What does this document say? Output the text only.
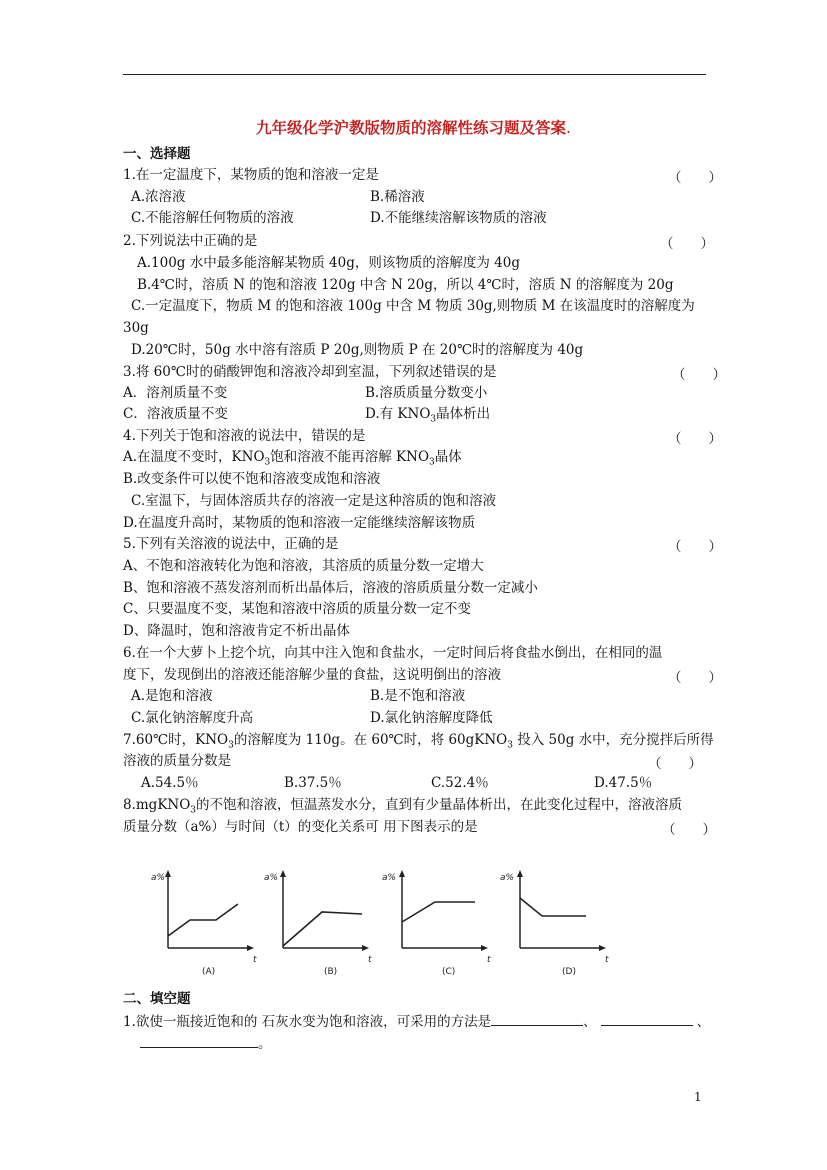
九年级化学沪教版物质的溶解性练习题及答案.
一、选择题
1.在一定温度下，某物质的饱和溶液一定是	（　　）
A.浓溶液	B.稀溶液
C.不能溶解任何物质的溶液	D.不能继续溶解该物质的溶液
2.下列说法中正确的是	（　　）
A.100g 水中最多能溶解某物质 40g，则该物质的溶解度为 40g
B.4℃时，溶质 N 的饱和溶液 120g 中含 N 20g，所以 4℃时，溶质 N 的溶解度为 20g
C.一定温度下，物质 M 的饱和溶液 100g 中含 M 物质 30g,则物质 M 在该温度时的溶解度为
30g
D.20℃时，50g 水中溶有溶质 P 20g,则物质 P 在 20℃时的溶解度为 40g
3.将 60℃时的硝酸钾饱和溶液冷却到室温，下列叙述错误的是	（　　）
A．溶剂质量不变	B.溶质质量分数变小
C．溶液质量不变	D.有 $KNO_3$晶体析出
4.下列关于饱和溶液的说法中，错误的是	（　　）
A.在温度不变时，$KNO_3$饱和溶液不能再溶解 $KNO_3$晶体
B.改变条件可以使不饱和溶液变成饱和溶液
C.室温下，与固体溶质共存的溶液一定是这种溶质的饱和溶液
D.在温度升高时，某物质的饱和溶液一定能继续溶解该物质
5.下列有关溶液的说法中，正确的是	（　　）
A、不饱和溶液转化为饱和溶液，其溶质的质量分数一定增大
B、饱和溶液不蒸发溶剂而析出晶体后，溶液的溶质质量分数一定减小
C、只要温度不变，某饱和溶液中溶质的质量分数一定不变
D、降温时，饱和溶液肯定不析出晶体
6.在一个大萝卜上挖个坑，向其中注入饱和食盐水，一定时间后将食盐水倒出，在相同的温
度下，发现倒出的溶液还能溶解少量的食盐，这说明倒出的溶液	（　　）
A.是饱和溶液	B.是不饱和溶液
C.氯化钠溶解度升高	D.氯化钠溶解度降低
7.60℃时，$KNO_3$的溶解度为 110g。在 60℃时，将 60gKNO$_3$ 投入 50g 水中，充分搅拌后所得
溶液的质量分数是	（　　）
A.54.5％	B.37.5％	C.52.4％	D.47.5％
8.mgKNO$_3$的不饱和溶液，恒温蒸发水分，直到有少量晶体析出，在此变化过程中，溶液溶质
质量分数（a%）与时间（t）的变化关系可 用下图表示的是	（　　）
a%
t
(A)
a%
t
(B)
a%
t
(C)
a%
t
(D)
二、填空题
1.欲使一瓶接近饱和的 石灰水变为饱和溶液，可采用的方法是	、	、
。
1
